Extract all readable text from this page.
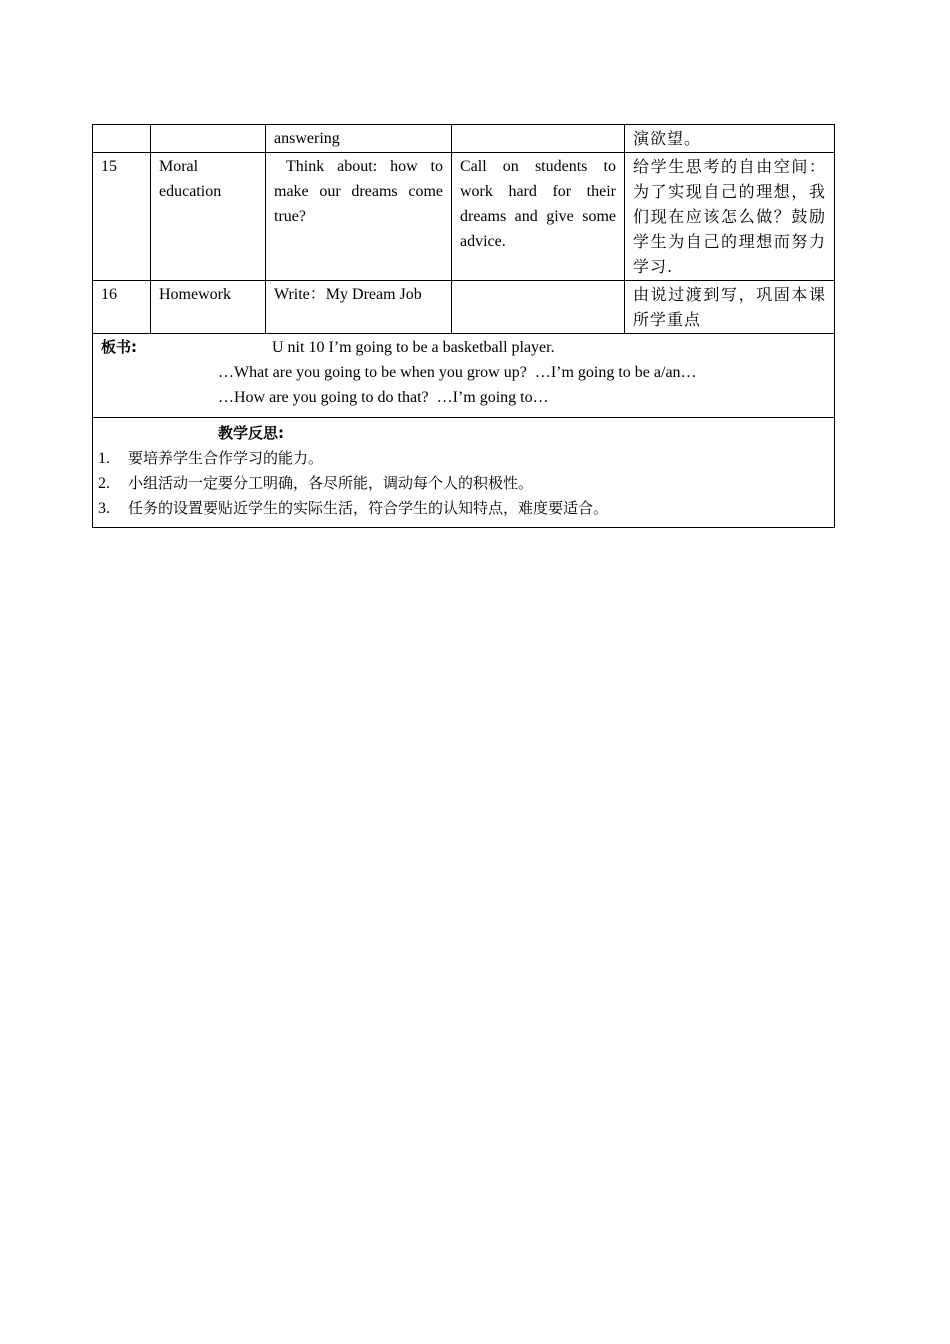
		answering		演欲望。
15	Moral education	Think about: how to make our dreams come true?	Call on students to work hard for their dreams and give some advice.	给学生思考的自由空间：为了实现自己的理想，我们现在应该怎么做？鼓励学生为自己的理想而努力学习.
16	Homework	Write：My Dream Job		由说过渡到写，巩固本课所学重点

板书: U nit 10 I’m going to be a basketball player.
…What are you going to be when you grow up?  …I’m going to be a/an…
…How are you going to do that?  …I’m going to…				

教学反思:
1. 要培养学生合作学习的能力。
2. 小组活动一定要分工明确，各尽所能，调动每个人的积极性。
3. 任务的设置要贴近学生的实际生活，符合学生的认知特点，难度要适合。				
